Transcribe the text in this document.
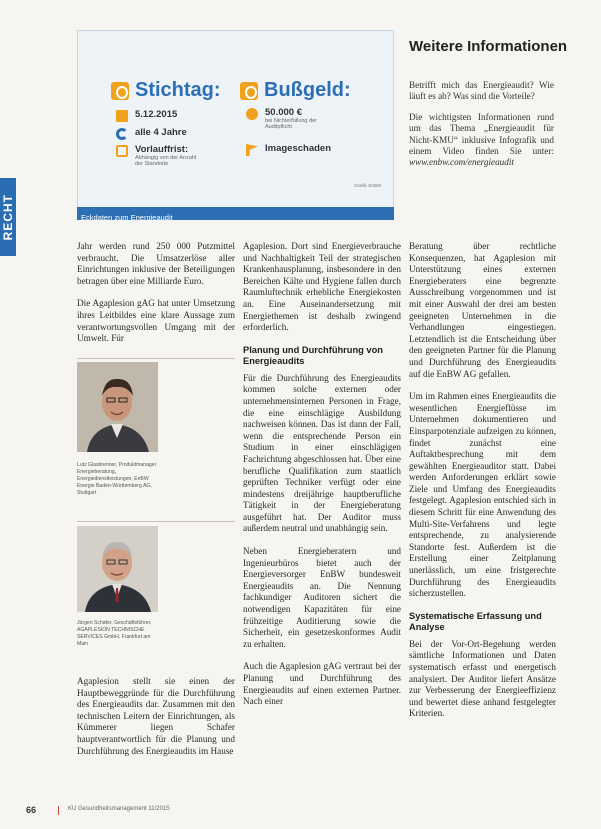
RECHT
Stichtag:
5.12.2015
alle 4 Jahre
Vorlauffrist:
Abhängig von der Anzahl der Standorte
Bußgeld:
50.000 €
bei Nichterfüllung der Auditpflicht
Imageschaden
Grafik: EnBW
Eckdaten zum Energieaudit
Weitere Informationen

Betrifft mich das Energieaudit? Wie läuft es ab? Was sind die Vorteile?

Die wichtigsten Informationen rund um das Thema „Energieaudit für Nicht-KMU“ inklusive Infografik und einem Video finden Sie unter: www.enbw.com/energieaudit

Jahr werden rund 250 000 Putzmittel verbraucht. Die Umsatzerlöse aller Einrichtungen inklusive der Beteiligungen betragen über eine Milliarde Euro.

Die Agaplesion gAG hat unter Umsetzung ihres Leitbildes eine klare Aussage zum verantwortungsvollen Umgang mit der Umwelt. Für

Lutz Glasbrenner, Produktmanager Energieberatung, Energiedienstleistungen, EnBW Energie Baden-Württemberg AG, Stuttgart
Jürgen Schäfer, Geschäftsführer, AGAPLESION TECHNISCHE SERVICES GmbH, Frankfurt am Main

Agaplesion stellt sie einen der Hauptbeweggründe für die Durchführung des Energieaudits dar. Zusammen mit den technischen Leitern der Einrichtungen, als Kümmerer liegen Schafer hauptverantwortlich für die Planung und Durchführung des Energieaudits im Hause

Agaplesion. Dort sind Energieverbrauche und Nachhaltigkeit Teil der strategischen Krankenhausplanung, insbesondere in den Bereichen Kälte und Hygiene fallen durch Raumluftechnik erhebliche Energiekosten an. Eine Auseinandersetzung mit Energiethemen ist deshalb zwingend erforderlich.

Planung und Durchführung von Energieaudits

Für die Durchführung des Energieaudits kommen solche externen oder unternehmensinternen Personen in Frage, die eine einschlägige Ausbildung nachweisen können. Das ist dann der Fall, wenn die entsprechende Person ein Studium in einer einschlägigen Fachrichtung abgeschlossen hat. Über eine berufliche Qualifikation zum staatlich geprüften Techniker verfügt oder eine mindestens dreijährige hauptberufliche Tätigkeit in der Energieberatung ausgeführt hat. Der Auditor muss außerdem neutral und unabhängig sein.

Neben Energieberatern und Ingenieurbüros bietet auch der Energieversorger EnBW bundesweit Energieaudits an. Die Nennung fachkundiger Auditoren sichert die notwendigen Kapazitäten für eine frühzeitige Auditierung sowie die Sicherheit, ein gesetzeskonformes Audit zu erhalten.

Auch die Agaplesion gAG vertraut bei der Planung und Durchführung des Energieaudits auf einen externen Partner. Nach einer

Beratung über rechtliche Konsequenzen, hat Agaplesion mit Unterstützung eines externen Energieberaters eine begrenzte Ausschreibung vorgenommen und ist mit einer Auswahl der drei am besten geeigneten Unternehmen in die Verhandlungen eingestiegen. Letztendlich ist die Entscheidung über den geeigneten Partner für die Planung und Durchführung des Energieaudits auf die EnBW AG gefallen.

Um im Rahmen eines Energieaudits die wesentlichen Energieflüsse im Unternehmen dokumentieren und Einsparpotenziale aufzeigen zu können, findet zunächst eine Auftaktbesprechung mit dem gewählten Energieauditor statt. Dabei werden Anforderungen erklärt sowie Ziele und Umfang des Energieaudits festgelegt. Agaplesion entschied sich in diesem Schritt für eine Anwendung des Multi-Site-Verfahrens und legte entsprechende, zu analysierende Standorte fest. Außerdem ist die Erstellung einer Zeitplanung unerlässlich, um eine fristgerechte Durchführung des Energieaudits sicherzustellen.

Systematische Erfassung und Analyse

Bei der Vor-Ort-Begehung werden sämtliche Informationen und Daten systematisch erfasst und energetisch analysiert. Der Auditor liefert Ansätze zur Verbesserung der Energieeffizienz und bewertet diese anhand festgelegter Kriterien.

66	KU Gesundheitsmanagement 11/2015
